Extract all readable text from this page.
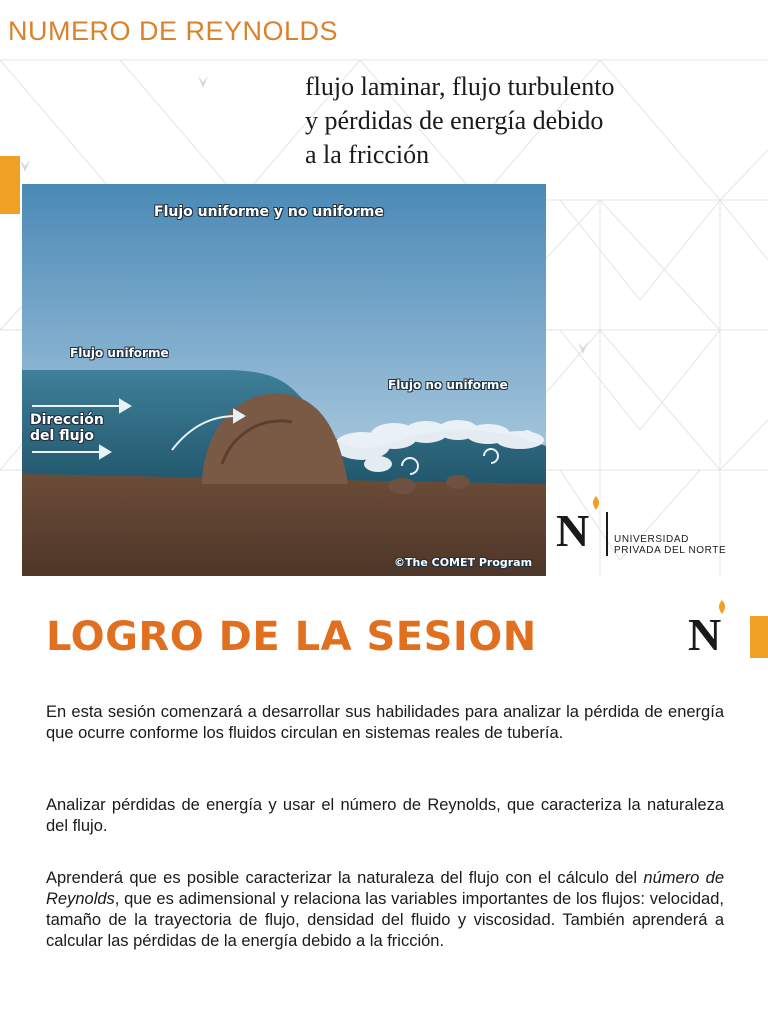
NUMERO DE REYNOLDS
flujo laminar, flujo turbulento
y pérdidas de energía debido
a la fricción
Flujo uniforme y no uniforme
Flujo uniforme
Flujo no uniforme
Dirección del flujo
©The COMET Program
N UNIVERSIDAD
PRIVADA DEL NORTE
LOGRO DE LA SESION	N
En esta sesión comenzará a desarrollar sus habilidades para analizar la pérdida de energía que ocurre conforme los fluidos circulan en sistemas reales de tubería.
Analizar pérdidas de energía y usar el número de Reynolds, que caracteriza la naturaleza del flujo.
Aprenderá que es posible caracterizar la naturaleza del flujo con el cálculo del número de Reynolds, que es adimensional y relaciona las variables importantes de los flujos: velocidad, tamaño de la trayectoria de flujo, densidad del fluido y viscosidad. También aprenderá a calcular las pérdidas de la energía debido a la fricción.
